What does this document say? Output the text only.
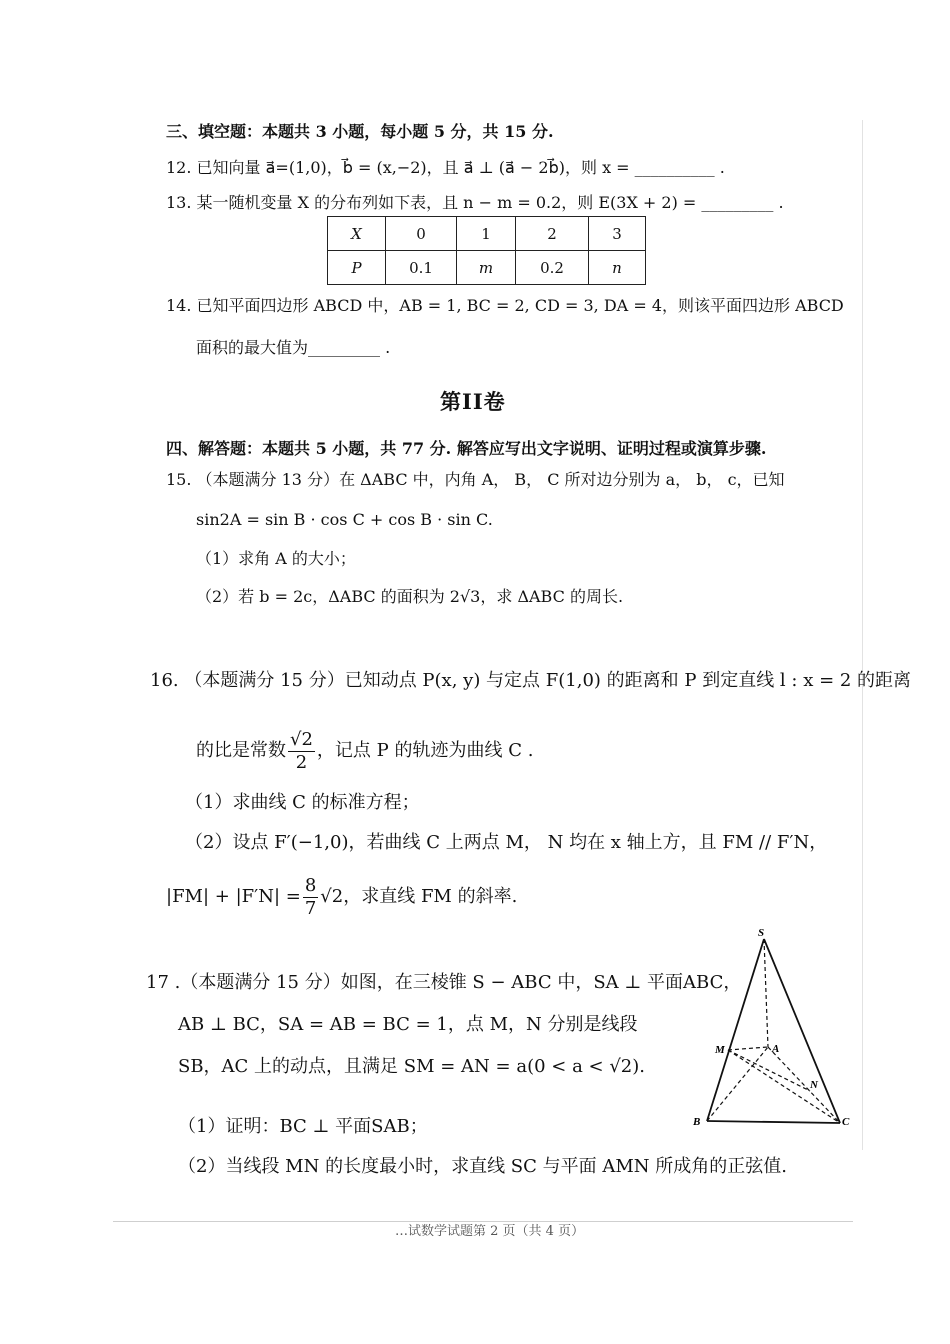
三、填空题：本题共 3 小题，每小题 5 分，共 15 分.
12. 已知向量 a⃗=(1,0)，b⃗ = (x,−2)，且 a⃗ ⊥ (a⃗ − 2b⃗)，则 x = __________ .
13. 某一随机变量 X 的分布列如下表，且 n − m = 0.2，则 E(3X + 2) = _________ .
X	0	1	2	3
P	0.1	m	0.2	n
14. 已知平面四边形 ABCD 中，AB = 1, BC = 2, CD = 3, DA = 4，则该平面四边形 ABCD
面积的最大值为_________ .
第II卷
四、解答题：本题共 5 小题，共 77 分. 解答应写出文字说明、证明过程或演算步骤.
15. （本题满分 13 分）在 ΔABC 中，内角 A， B， C 所对边分别为 a， b， c，已知
sin2A = sin B · cos C + cos B · sin C.
（1）求角 A 的大小；
（2）若 b = 2c，ΔABC 的面积为 2√3，求 ΔABC 的周长.
16. （本题满分 15 分）已知动点 P(x, y) 与定点 F(1,0) 的距离和 P 到定直线 l : x = 2 的距离
的比是常数 $\frac{√2}{2}$ ，记点 P 的轨迹为曲线 C .
（1）求曲线 C 的标准方程；
（2）设点 F′(−1,0)，若曲线 C 上两点 M， N 均在 x 轴上方，且 FM // F′N，
$|FM| + |F'N| = \frac{8}{7} √2$，求直线 FM 的斜率.
17 .（本题满分 15 分）如图，在三棱锥 S − ABC 中，SA ⊥ 平面ABC，
AB ⊥ BC，SA = AB = BC = 1，点 M，N 分别是线段
SB，AC 上的动点，且满足 SM = AN = a(0 < a < √2).
（1）证明：BC ⊥ 平面SAB；
（2）当线段 MN 的长度最小时，求直线 SC 与平面 AMN 所成角的正弦值.
S
M	A
N
B	C
…试数学试题第 2 页（共 4 页）
